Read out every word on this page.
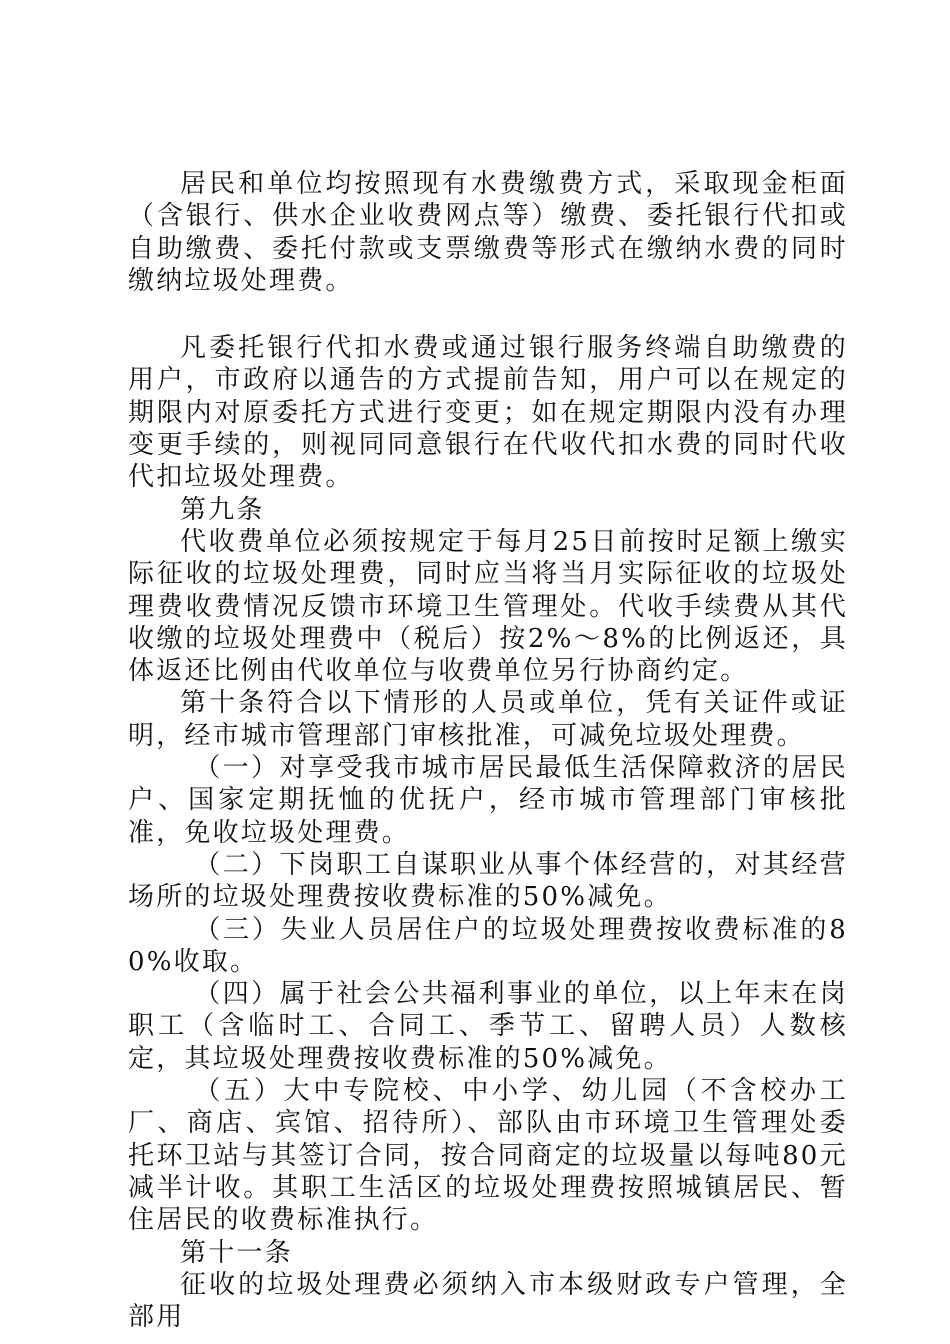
居民和单位均按照现有水费缴费方式，采取现金柜面（含银行、供水企业收费网点等）缴费、委托银行代扣或自助缴费、委托付款或支票缴费等形式在缴纳水费的同时缴纳垃圾处理费。

凡委托银行代扣水费或通过银行服务终端自助缴费的用户，市政府以通告的方式提前告知，用户可以在规定的期限内对原委托方式进行变更；如在规定期限内没有办理变更手续的，则视同同意银行在代收代扣水费的同时代收代扣垃圾处理费。

第九条

代收费单位必须按规定于每月25日前按时足额上缴实际征收的垃圾处理费，同时应当将当月实际征收的垃圾处理费收费情况反馈市环境卫生管理处。代收手续费从其代收缴的垃圾处理费中（税后）按2%～8%的比例返还，具体返还比例由代收单位与收费单位另行协商约定。

第十条符合以下情形的人员或单位，凭有关证件或证明，经市城市管理部门审核批准，可减免垃圾处理费。

（一）对享受我市城市居民最低生活保障救济的居民户、国家定期抚恤的优抚户，经市城市管理部门审核批准，免收垃圾处理费。

（二）下岗职工自谋职业从事个体经营的，对其经营场所的垃圾处理费按收费标准的50%减免。

（三）失业人员居住户的垃圾处理费按收费标准的80%收取。

（四）属于社会公共福利事业的单位，以上年末在岗职工（含临时工、合同工、季节工、留聘人员）人数核定，其垃圾处理费按收费标准的50%减免。

（五）大中专院校、中小学、幼儿园（不含校办工厂、商店、宾馆、招待所）、部队由市环境卫生管理处委托环卫站与其签订合同，按合同商定的垃圾量以每吨80元减半计收。其职工生活区的垃圾处理费按照城镇居民、暂住居民的收费标准执行。

第十一条

征收的垃圾处理费必须纳入市本级财政专户管理，全部用
